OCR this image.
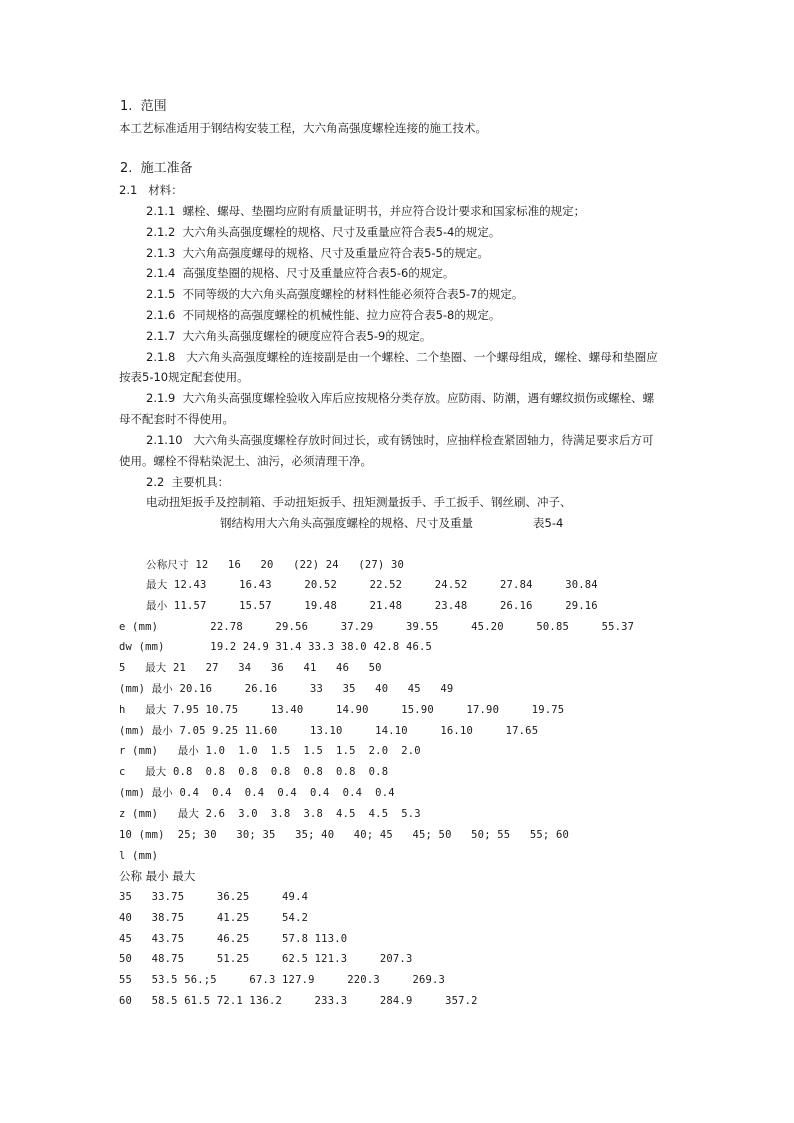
1.  范围
本工艺标准适用于钢结构安装工程，大六角高强度螺栓连接的施工技术。
2.  施工准备
2.1   材料：
2.1.1  螺栓、螺母、垫圈均应附有质量证明书，并应符合设计要求和国家标准的规定；
2.1.2  大六角头高强度螺栓的规格、尺寸及重量应符合表5-4的规定。
2.1.3  大六角高强度螺母的规格、尺寸及重量应符合表5-5的规定。
2.1.4  高强度垫圈的规格、尺寸及重量应符合表5-6的规定。
2.1.5  不同等级的大六角头高强度螺栓的材料性能必须符合表5-7的规定。
2.1.6  不同规格的高强度螺栓的机械性能、拉力应符合表5-8的规定。
2.1.7  大六角头高强度螺栓的硬度应符合表5-9的规定。
2.1.8   大六角头高强度螺栓的连接副是由一个螺栓、二个垫圈、一个螺母组成，螺栓、螺母和垫圈应
按表5-10规定配套使用。
2.1.9  大六角头高强度螺栓验收入库后应按规格分类存放。应防雨、防潮，遇有螺纹损伤或螺栓、螺
母不配套时不得使用。
2.1.10   大六角头高强度螺栓存放时间过长，或有锈蚀时，应抽样检查紧固轴力，待满足要求后方可
使用。螺栓不得粘染泥土、油污，必须清理干净。
2.2  主要机具：
电动扭矩扳手及控制箱、手动扭矩扳手、扭矩测量扳手、手工扳手、钢丝刷、冲子、
钢结构用大六角头高强度螺栓的规格、尺寸及重量	表5-4
公称尺寸 12   16   20   (22) 24   (27) 30
最大 12.43     16.43     20.52     22.52     24.52     27.84     30.84
最小 11.57     15.57     19.48     21.48     23.48     26.16     29.16
e (mm)        22.78     29.56     37.29     39.55     45.20     50.85     55.37
dw (mm)       19.2 24.9 31.4 33.3 38.0 42.8 46.5
5   最大 21   27   34   36   41   46   50
(mm) 最小 20.16     26.16     33   35   40   45   49
h   最大 7.95 10.75     13.40     14.90     15.90     17.90     19.75
(mm) 最小 7.05 9.25 11.60     13.10     14.10     16.10     17.65
r (mm)   最小 1.0  1.0  1.5  1.5  1.5  2.0  2.0
c   最大 0.8  0.8  0.8  0.8  0.8  0.8  0.8
(mm) 最小 0.4  0.4  0.4  0.4  0.4  0.4  0.4
z (mm)   最大 2.6  3.0  3.8  3.8  4.5  4.5  5.3
10 (mm)  25; 30   30; 35   35; 40   40; 45   45; 50   50; 55   55; 60
l (mm)
公称 最小 最大
35   33.75     36.25     49.4
40   38.75     41.25     54.2
45   43.75     46.25     57.8 113.0
50   48.75     51.25     62.5 121.3     207.3
55   53.5 56.;5     67.3 127.9     220.3     269.3
60   58.5 61.5 72.1 136.2     233.3     284.9     357.2
